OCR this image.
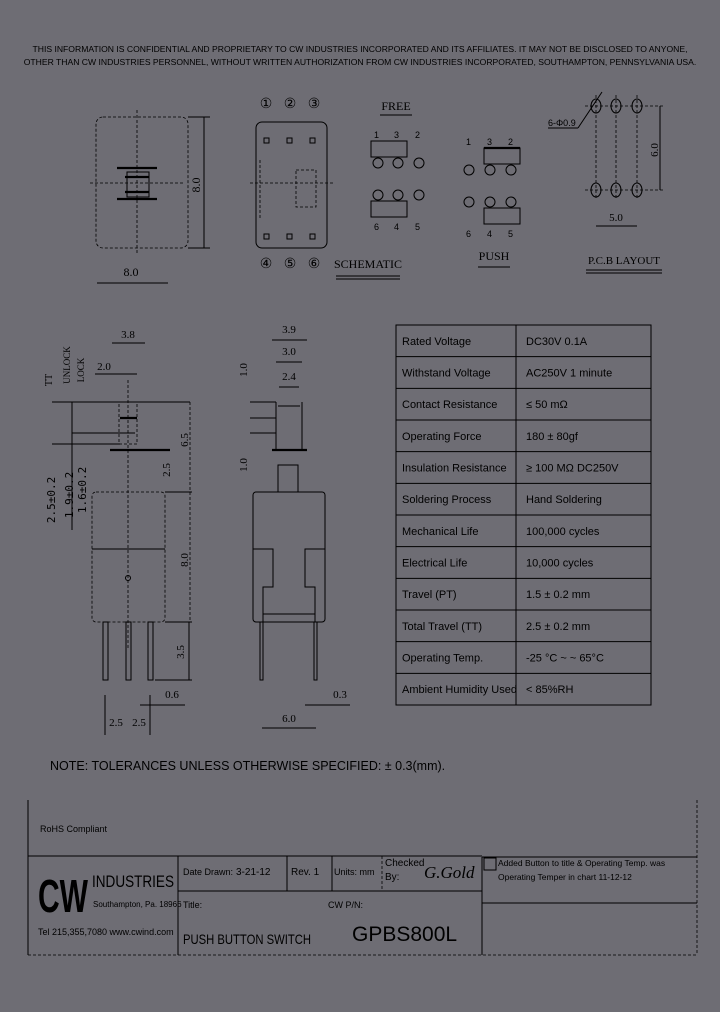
THIS INFORMATION IS CONFIDENTIAL AND PROPRIETARY TO CW INDUSTRIES INCORPORATED AND ITS AFFILIATES. IT MAY NOT BE DISCLOSED TO ANYONE,
OTHER THAN CW INDUSTRIES PERSONNEL, WITHOUT WRITTEN AUTHORIZATION FROM CW INDUSTRIES INCORPORATED, SOUTHAMPTON, PENNSYLVANIA USA.
8.0
8.0
① ② ③
④ ⑤ ⑥
FREE
1 3 2
6 4 5
1 3 2
6 4 5
PUSH
SCHEMATIC
6-Φ0.9
6.0
5.0
P.C.B LAYOUT
3.8
2.0
TT UNLOCK LOCK
2.5±0.2 1.9±0.2 1.6±0.2	2.5
6.5
8.0
3.5
0.6
2.5 2.5
3.9
3.0
2.4
1.0
1.0
0.3
6.0
Rated Voltage	DC30V 0.1A
Withstand Voltage	AC250V 1 minute
Contact Resistance	≤ 50 mΩ
Operating Force	180 ± 80gf
Insulation Resistance ≥ 100 MΩ DC250V
Soldering Process	Hand Soldering
Mechanical Life	100,000 cycles
Electrical Life	10,000 cycles
Travel (PT)	1.5 ± 0.2 mm
Total Travel (TT)	2.5 ± 0.2 mm
Operating Temp.	-25 °C ~ ~ 65°C
Ambient Humidity Used < 85%RH
NOTE: TOLERANCES UNLESS OTHERWISE SPECIFIED: ± 0.3(mm).
RoHS Compliant
CW INDUSTRIES
Southampton, Pa. 18966
Tel 215,355,7080 www.cwind.com
Date Drawn: 3-21-12 Rev. 1 Units: mm
Checked
By: G.Gold
Title:
PUSH BUTTON SWITCH
CW P/N:
GPBS800L
Added Button to title & Operating Temp. was
Operating Temper in chart 11-12-12
